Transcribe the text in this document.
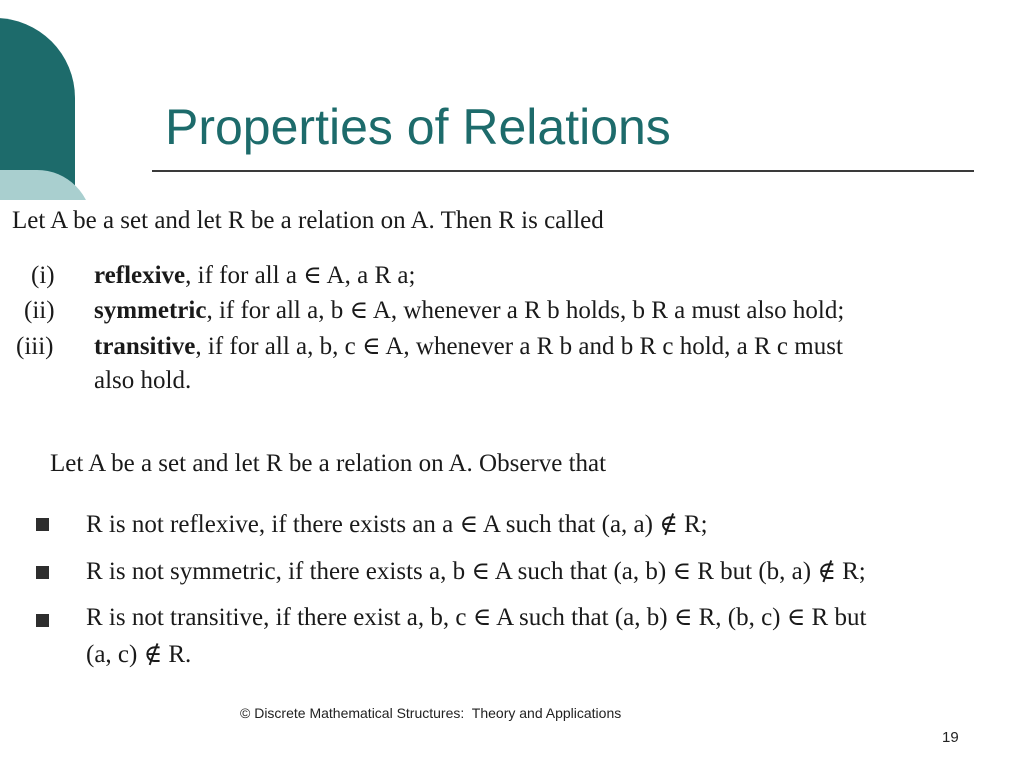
Properties of Relations
Let A be a set and let R be a relation on A. Then R is called
(i) reflexive, if for all a ∈ A, a R a;
(ii) symmetric, if for all a, b ∈ A, whenever a R b holds, b R a must also hold;
(iii) transitive, if for all a, b, c ∈ A, whenever a R b and b R c hold, a R c must
also hold.
Let A be a set and let R be a relation on A. Observe that
R is not reflexive, if there exists an a ∈ A such that (a, a) ∉ R;
R is not symmetric, if there exists a, b ∈ A such that (a, b) ∈ R but (b, a) ∉ R;
R is not transitive, if there exist a, b, c ∈ A such that (a, b) ∈ R, (b, c) ∈ R but
(a, c) ∉ R.
© Discrete Mathematical Structures:  Theory and Applications
19
